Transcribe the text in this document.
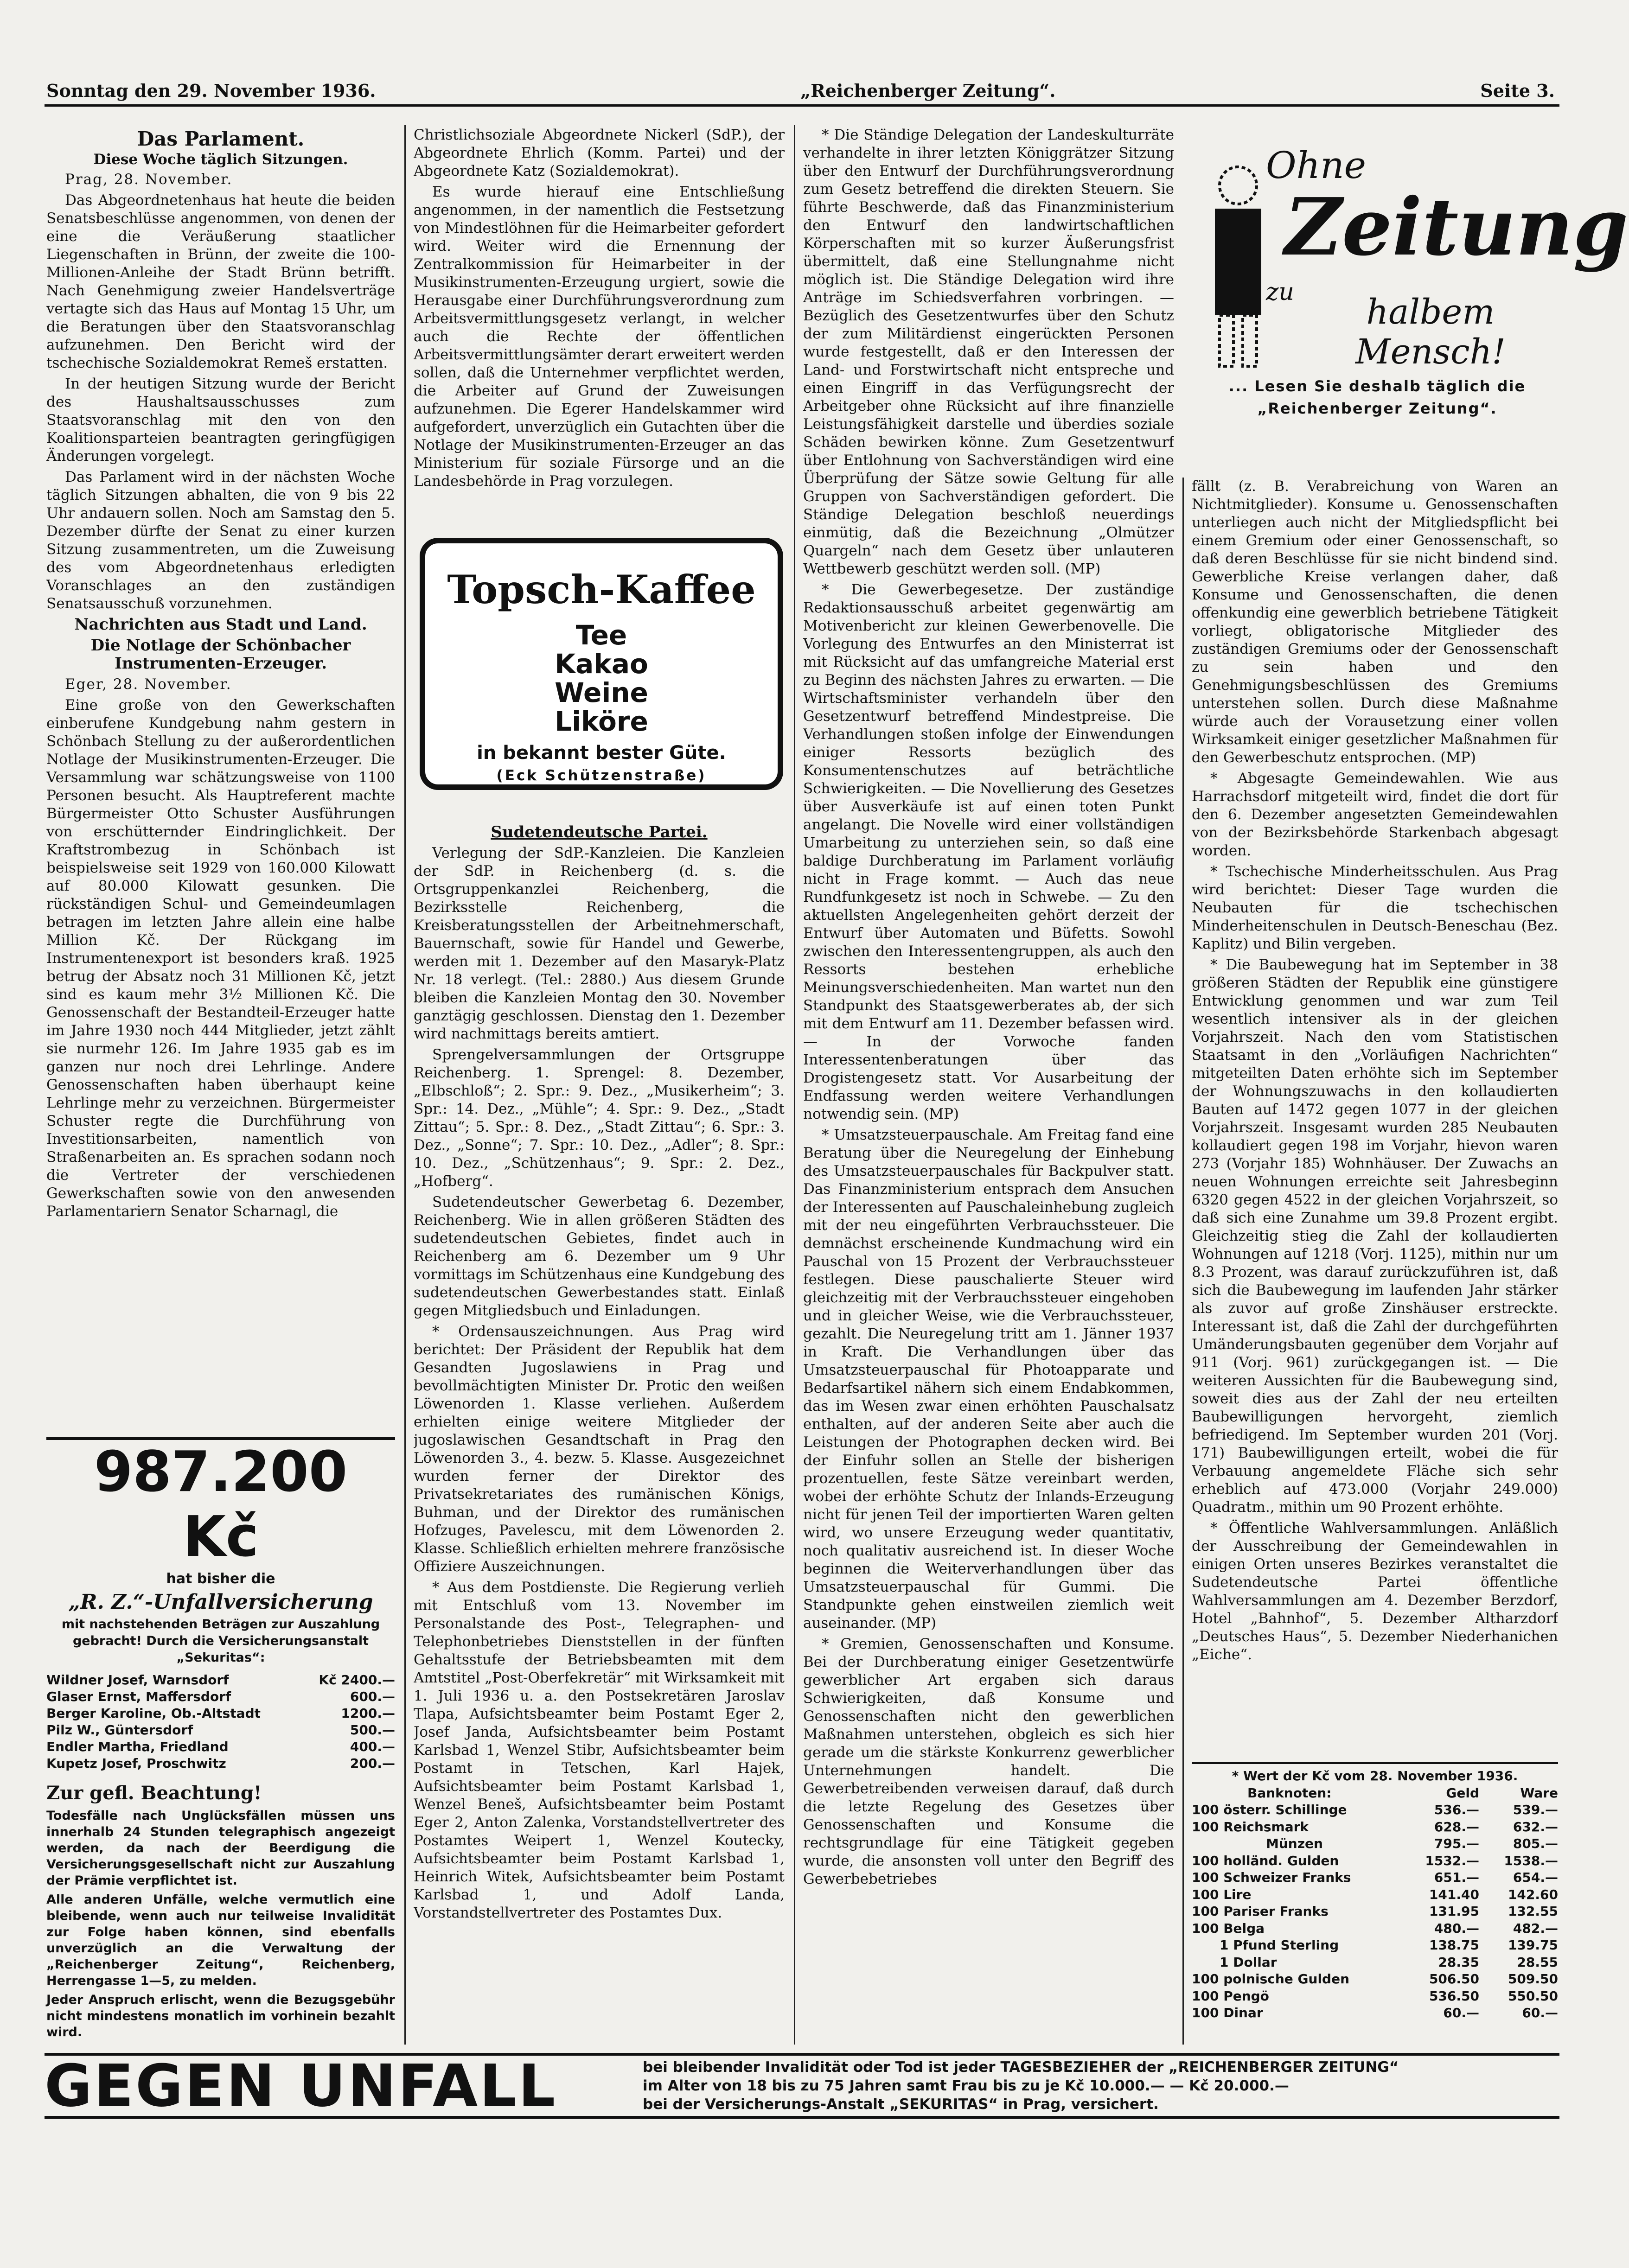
Sonntag den 29. November 1936.	„Reichenberger Zeitung“.	Seite 3.
Das Parlament.
Diese Woche täglich Sitzungen.

Prag, 28. November.

Das Abgeordnetenhaus hat heute die beiden Senatsbeschlüsse angenommen, von denen der eine die Veräußerung staatlicher Liegenschaften in Brünn, der zweite die 100-Millionen-Anleihe der Stadt Brünn betrifft. Nach Genehmigung zweier Handelsverträge vertagte sich das Haus auf Montag 15 Uhr, um die Beratungen über den Staatsvoranschlag aufzunehmen. Den Bericht wird der tschechische Sozialdemokrat Remeš erstatten.

In der heutigen Sitzung wurde der Bericht des Haushaltsausschusses zum Staatsvoranschlag mit den von den Koalitionsparteien beantragten geringfügigen Änderungen vorgelegt.

Das Parlament wird in der nächsten Woche täglich Sitzungen abhalten, die von 9 bis 22 Uhr andauern sollen. Noch am Samstag den 5. Dezember dürfte der Senat zu einer kurzen Sitzung zusammentreten, um die Zuweisung des vom Abgeordnetenhaus erledigten Voranschlages an den zuständigen Senatsausschuß vorzunehmen.

Nachrichten aus Stadt und Land.
Die Notlage der Schönbacher Instrumenten-Erzeuger.

Eger, 28. November.

Eine große von den Gewerkschaften einberufene Kundgebung nahm gestern in Schönbach Stellung zu der außerordentlichen Notlage der Musikinstrumenten-Erzeuger. Die Versammlung war schätzungsweise von 1100 Personen besucht. Als Hauptreferent machte Bürgermeister Otto Schuster Ausführungen von erschütternder Eindringlichkeit. Der Kraftstrombezug in Schönbach ist beispielsweise seit 1929 von 160.000 Kilowatt auf 80.000 Kilowatt gesunken. Die rückständigen Schul- und Gemeindeumlagen betragen im letzten Jahre allein eine halbe Million Kč. Der Rückgang im Instrumentenexport ist besonders kraß. 1925 betrug der Absatz noch 31 Millionen Kč, jetzt sind es kaum mehr 3½ Millionen Kč. Die Genossenschaft der Bestandteil-Erzeuger hatte im Jahre 1930 noch 444 Mitglieder, jetzt zählt sie nurmehr 126. Im Jahre 1935 gab es im ganzen nur noch drei Lehrlinge. Andere Genossenschaften haben überhaupt keine Lehrlinge mehr zu verzeichnen. Bürgermeister Schuster regte die Durchführung von Investitionsarbeiten, namentlich von Straßenarbeiten an. Es sprachen sodann noch die Vertreter der verschiedenen Gewerkschaften sowie von den anwesenden Parlamentariern Senator Scharnagl, die

987.200 Kč
hat bisher die
„R. Z.“-Unfallversicherung
mit nachstehenden Beträgen zur Auszahlung gebracht! Durch die Versicherungsanstalt „Sekuritas“:
Wildner Josef, Warnsdorf	Kč 2400.—
Glaser Ernst, Maffersdorf	600.—
Berger Karoline, Ob.-Altstadt	1200.—
Pilz W., Güntersdorf	500.—
Endler Martha, Friedland	400.—
Kupetz Josef, Proschwitz	200.—
Zur gefl. Beachtung!
Todesfälle nach Unglücksfällen müssen uns innerhalb 24 Stunden telegraphisch angezeigt werden, da nach der Beerdigung die Versicherungsgesellschaft nicht zur Auszahlung der Prämie verpflichtet ist.
Alle anderen Unfälle, welche vermutlich eine bleibende, wenn auch nur teilweise Invalidität zur Folge haben können, sind ebenfalls unverzüglich an die Verwaltung der „Reichenberger Zeitung“, Reichenberg, Herrengasse 1—5, zu melden.
Jeder Anspruch erlischt, wenn die Bezugsgebühr nicht mindestens monatlich im vorhinein bezahlt wird.

Christlichsoziale Abgeordnete Nickerl (SdP.), der Abgeordnete Ehrlich (Komm. Partei) und der Abgeordnete Katz (Sozialdemokrat).

Es wurde hierauf eine Entschließung angenommen, in der namentlich die Festsetzung von Mindestlöhnen für die Heimarbeiter gefordert wird. Weiter wird die Ernennung der Zentralkommission für Heimarbeiter in der Musikinstrumenten-Erzeugung urgiert, sowie die Herausgabe einer Durchführungsverordnung zum Arbeitsvermittlungsgesetz verlangt, in welcher auch die Rechte der öffentlichen Arbeitsvermittlungsämter derart erweitert werden sollen, daß die Unternehmer verpflichtet werden, die Arbeiter auf Grund der Zuweisungen aufzunehmen. Die Egerer Handelskammer wird aufgefordert, unverzüglich ein Gutachten über die Notlage der Musikinstrumenten-Erzeuger an das Ministerium für soziale Fürsorge und an die Landesbehörde in Prag vorzulegen.

Topsch-Kaffee
Tee
Kakao
Weine
Liköre
in bekannt bester Güte.
(Eck Schützenstraße)
Sudetendeutsche Partei.

Verlegung der SdP.-Kanzleien. Die Kanzleien der SdP. in Reichenberg (d. s. die Ortsgruppenkanzlei Reichenberg, die Bezirksstelle Reichenberg, die Kreisberatungsstellen der Arbeitnehmerschaft, Bauernschaft, sowie für Handel und Gewerbe, werden mit 1. Dezember auf den Masaryk-Platz Nr. 18 verlegt. (Tel.: 2880.) Aus diesem Grunde bleiben die Kanzleien Montag den 30. November ganztägig geschlossen. Dienstag den 1. Dezember wird nachmittags bereits amtiert.

Sprengelversammlungen der Ortsgruppe Reichenberg. 1. Sprengel: 8. Dezember, „Elbschloß“; 2. Spr.: 9. Dez., „Musikerheim“; 3. Spr.: 14. Dez., „Mühle“; 4. Spr.: 9. Dez., „Stadt Zittau“; 5. Spr.: 8. Dez., „Stadt Zittau“; 6. Spr.: 3. Dez., „Sonne“; 7. Spr.: 10. Dez., „Adler“; 8. Spr.: 10. Dez., „Schützenhaus“; 9. Spr.: 2. Dez., „Hofberg“.

Sudetendeutscher Gewerbetag 6. Dezember, Reichenberg. Wie in allen größeren Städten des sudetendeutschen Gebietes, findet auch in Reichenberg am 6. Dezember um 9 Uhr vormittags im Schützenhaus eine Kundgebung des sudetendeutschen Gewerbestandes statt. Einlaß gegen Mitgliedsbuch und Einladungen.

* Ordensauszeichnungen. Aus Prag wird berichtet: Der Präsident der Republik hat dem Gesandten Jugoslawiens in Prag und bevollmächtigten Minister Dr. Protic den weißen Löwenorden 1. Klasse verliehen. Außerdem erhielten einige weitere Mitglieder der jugoslawischen Gesandtschaft in Prag den Löwenorden 3., 4. bezw. 5. Klasse. Ausgezeichnet wurden ferner der Direktor des Privatsekretariates des rumänischen Königs, Buhman, und der Direktor des rumänischen Hofzuges, Pavelescu, mit dem Löwenorden 2. Klasse. Schließlich erhielten mehrere französische Offiziere Auszeichnungen.

* Aus dem Postdienste. Die Regierung verlieh mit Entschluß vom 13. November im Personalstande des Post-, Telegraphen- und Telephonbetriebes Dienststellen in der fünften Gehaltsstufe der Betriebsbeamten mit dem Amtstitel „Post-Oberfekretär“ mit Wirksamkeit mit 1. Juli 1936 u. a. den Postsekretären Jaroslav Tlapa, Aufsichtsbeamter beim Postamt Eger 2, Josef Janda, Aufsichtsbeamter beim Postamt Karlsbad 1, Wenzel Stibr, Aufsichtsbeamter beim Postamt in Tetschen, Karl Hajek, Aufsichtsbeamter beim Postamt Karlsbad 1, Wenzel Beneš, Aufsichtsbeamter beim Postamt Eger 2, Anton Zalenka, Vorstandstellvertreter des Postamtes Weipert 1, Wenzel Koutecky, Aufsichtsbeamter beim Postamt Karlsbad 1, Heinrich Witek, Aufsichtsbeamter beim Postamt Karlsbad 1, und Adolf Landa, Vorstandstellvertreter des Postamtes Dux.

* Die Ständige Delegation der Landeskulturräte verhandelte in ihrer letzten Königgrätzer Sitzung über den Entwurf der Durchführungsverordnung zum Gesetz betreffend die direkten Steuern. Sie führte Beschwerde, daß das Finanzministerium den Entwurf den landwirtschaftlichen Körperschaften mit so kurzer Äußerungsfrist übermittelt, daß eine Stellungnahme nicht möglich ist. Die Ständige Delegation wird ihre Anträge im Schiedsverfahren vorbringen. — Bezüglich des Gesetzentwurfes über den Schutz der zum Militärdienst eingerückten Personen wurde festgestellt, daß er den Interessen der Land- und Forstwirtschaft nicht entspreche und einen Eingriff in das Verfügungsrecht der Arbeitgeber ohne Rücksicht auf ihre finanzielle Leistungsfähigkeit darstelle und überdies soziale Schäden bewirken könne. Zum Gesetzentwurf über Entlohnung von Sachverständigen wird eine Überprüfung der Sätze sowie Geltung für alle Gruppen von Sachverständigen gefordert. Die Ständige Delegation beschloß neuerdings einmütig, daß die Bezeichnung „Olmützer Quargeln“ nach dem Gesetz über unlauteren Wettbewerb geschützt werden soll. (MP)

* Die Gewerbegesetze. Der zuständige Redaktionsausschuß arbeitet gegenwärtig am Motivenbericht zur kleinen Gewerbenovelle. Die Vorlegung des Entwurfes an den Ministerrat ist mit Rücksicht auf das umfangreiche Material erst zu Beginn des nächsten Jahres zu erwarten. — Die Wirtschaftsminister verhandeln über den Gesetzentwurf betreffend Mindestpreise. Die Verhandlungen stoßen infolge der Einwendungen einiger Ressorts bezüglich des Konsumentenschutzes auf beträchtliche Schwierigkeiten. — Die Novellierung des Gesetzes über Ausverkäufe ist auf einen toten Punkt angelangt. Die Novelle wird einer vollständigen Umarbeitung zu unterziehen sein, so daß eine baldige Durchberatung im Parlament vorläufig nicht in Frage kommt. — Auch das neue Rundfunkgesetz ist noch in Schwebe. — Zu den aktuellsten Angelegenheiten gehört derzeit der Entwurf über Automaten und Büfetts. Sowohl zwischen den Interessentengruppen, als auch den Ressorts bestehen erhebliche Meinungsverschiedenheiten. Man wartet nun den Standpunkt des Staatsgewerberates ab, der sich mit dem Entwurf am 11. Dezember befassen wird. — In der Vorwoche fanden Interessentenberatungen über das Drogistengesetz statt. Vor Ausarbeitung der Endfassung werden weitere Verhandlungen notwendig sein. (MP)

* Umsatzsteuerpauschale. Am Freitag fand eine Beratung über die Neuregelung der Einhebung des Umsatzsteuerpauschales für Backpulver statt. Das Finanzministerium entsprach dem Ansuchen der Interessenten auf Pauschaleinhebung zugleich mit der neu eingeführten Verbrauchssteuer. Die demnächst erscheinende Kundmachung wird ein Pauschal von 15 Prozent der Verbrauchssteuer festlegen. Diese pauschalierte Steuer wird gleichzeitig mit der Verbrauchssteuer eingehoben und in gleicher Weise, wie die Verbrauchssteuer, gezahlt. Die Neuregelung tritt am 1. Jänner 1937 in Kraft. Die Verhandlungen über das Umsatzsteuerpauschal für Photoapparate und Bedarfsartikel nähern sich einem Endabkommen, das im Wesen zwar einen erhöhten Pauschalsatz enthalten, auf der anderen Seite aber auch die Leistungen der Photographen decken wird. Bei der Einfuhr sollen an Stelle der bisherigen prozentuellen, feste Sätze vereinbart werden, wobei der erhöhte Schutz der Inlands-Erzeugung nicht für jenen Teil der importierten Waren gelten wird, wo unsere Erzeugung weder quantitativ, noch qualitativ ausreichend ist. In dieser Woche beginnen die Weiterverhandlungen über das Umsatzsteuerpauschal für Gummi. Die Standpunkte gehen einstweilen ziemlich weit auseinander. (MP)

* Gremien, Genossenschaften und Konsume. Bei der Durchberatung einiger Gesetzentwürfe gewerblicher Art ergaben sich daraus Schwierigkeiten, daß Konsume und Genossenschaften nicht den gewerblichen Maßnahmen unterstehen, obgleich es sich hier gerade um die stärkste Konkurrenz gewerblicher Unternehmungen handelt. Die Gewerbetreibenden verweisen darauf, daß durch die letzte Regelung des Gesetzes über Genossenschaften und Konsume die rechtsgrundlage für eine Tätigkeit gegeben wurde, die ansonsten voll unter den Begriff des Gewerbebetriebes

Ohne
Zeitung
zu	halbem Mensch!
... Lesen Sie deshalb täglich die
„Reichenberger Zeitung“.

fällt (z. B. Verabreichung von Waren an Nichtmitglieder). Konsume u. Genossenschaften unterliegen auch nicht der Mitgliedspflicht bei einem Gremium oder einer Genossenschaft, so daß deren Beschlüsse für sie nicht bindend sind. Gewerbliche Kreise verlangen daher, daß Konsume und Genossenschaften, die denen offenkundig eine gewerblich betriebene Tätigkeit vorliegt, obligatorische Mitglieder des zuständigen Gremiums oder der Genossenschaft zu sein haben und den Genehmigungsbeschlüssen des Gremiums unterstehen sollen. Durch diese Maßnahme würde auch der Vorausetzung einer vollen Wirksamkeit einiger gesetzlicher Maßnahmen für den Gewerbeschutz entsprochen. (MP)

* Abgesagte Gemeindewahlen. Wie aus Harrachsdorf mitgeteilt wird, findet die dort für den 6. Dezember angesetzten Gemeindewahlen von der Bezirksbehörde Starkenbach abgesagt worden.

* Tschechische Minderheitsschulen. Aus Prag wird berichtet: Dieser Tage wurden die Neubauten für die tschechischen Minderheitenschulen in Deutsch-Beneschau (Bez. Kaplitz) und Bilin vergeben.

* Die Baubewegung hat im September in 38 größeren Städten der Republik eine günstigere Entwicklung genommen und war zum Teil wesentlich intensiver als in der gleichen Vorjahrszeit. Nach den vom Statistischen Staatsamt in den „Vorläufigen Nachrichten“ mitgeteilten Daten erhöhte sich im September der Wohnungszuwachs in den kollaudierten Bauten auf 1472 gegen 1077 in der gleichen Vorjahrszeit. Insgesamt wurden 285 Neubauten kollaudiert gegen 198 im Vorjahr, hievon waren 273 (Vorjahr 185) Wohnhäuser. Der Zuwachs an neuen Wohnungen erreichte seit Jahresbeginn 6320 gegen 4522 in der gleichen Vorjahrszeit, so daß sich eine Zunahme um 39.8 Prozent ergibt. Gleichzeitig stieg die Zahl der kollaudierten Wohnungen auf 1218 (Vorj. 1125), mithin nur um 8.3 Prozent, was darauf zurückzuführen ist, daß sich die Baubewegung im laufenden Jahr stärker als zuvor auf große Zinshäuser erstreckte. Interessant ist, daß die Zahl der durchgeführten Umänderungsbauten gegenüber dem Vorjahr auf 911 (Vorj. 961) zurückgegangen ist. — Die weiteren Aussichten für die Baubewegung sind, soweit dies aus der Zahl der neu erteilten Baubewilligungen hervorgeht, ziemlich befriedigend. Im September wurden 201 (Vorj. 171) Baubewilligungen erteilt, wobei die für Verbauung angemeldete Fläche sich sehr erheblich auf 473.000 (Vorjahr 249.000) Quadratm., mithin um 90 Prozent erhöhte.

* Öffentliche Wahlversammlungen. Anläßlich der Ausschreibung der Gemeindewahlen in einigen Orten unseres Bezirkes veranstaltet die Sudetendeutsche Partei öffentliche Wahlversammlungen am 4. Dezember Berzdorf, Hotel „Bahnhof“, 5. Dezember Altharzdorf „Deutsches Haus“, 5. Dezember Niederhanichen „Eiche“.

* Wert der Kč vom 28. November 1936.
Banknoten:	Geld	Ware
100 österr. Schillinge	536.—	539.—
100 Reichsmark	628.—	632.—
Münzen	795.—	805.—
100 holländ. Gulden	1532.—	1538.—
100 Schweizer Franks	651.—	654.—
100 Lire	141.40	142.60
100 Pariser Franks	131.95	132.55
100 Belga	480.—	482.—
1 Pfund Sterling	138.75	139.75
1 Dollar	28.35	28.55
100 polnische Gulden	506.50	509.50
100 Pengö	536.50	550.50
100 Dinar	60.—	60.—
GEGEN UNFALL	bei bleibender Invalidität oder Tod ist jeder TAGESBEZIEHER der „REICHENBERGER ZEITUNG“
im Alter von 18 bis zu 75 Jahren samt Frau bis zu je Kč 10.000.— — Kč 20.000.—
bei der Versicherungs-Anstalt „SEKURITAS“ in Prag, versichert.
